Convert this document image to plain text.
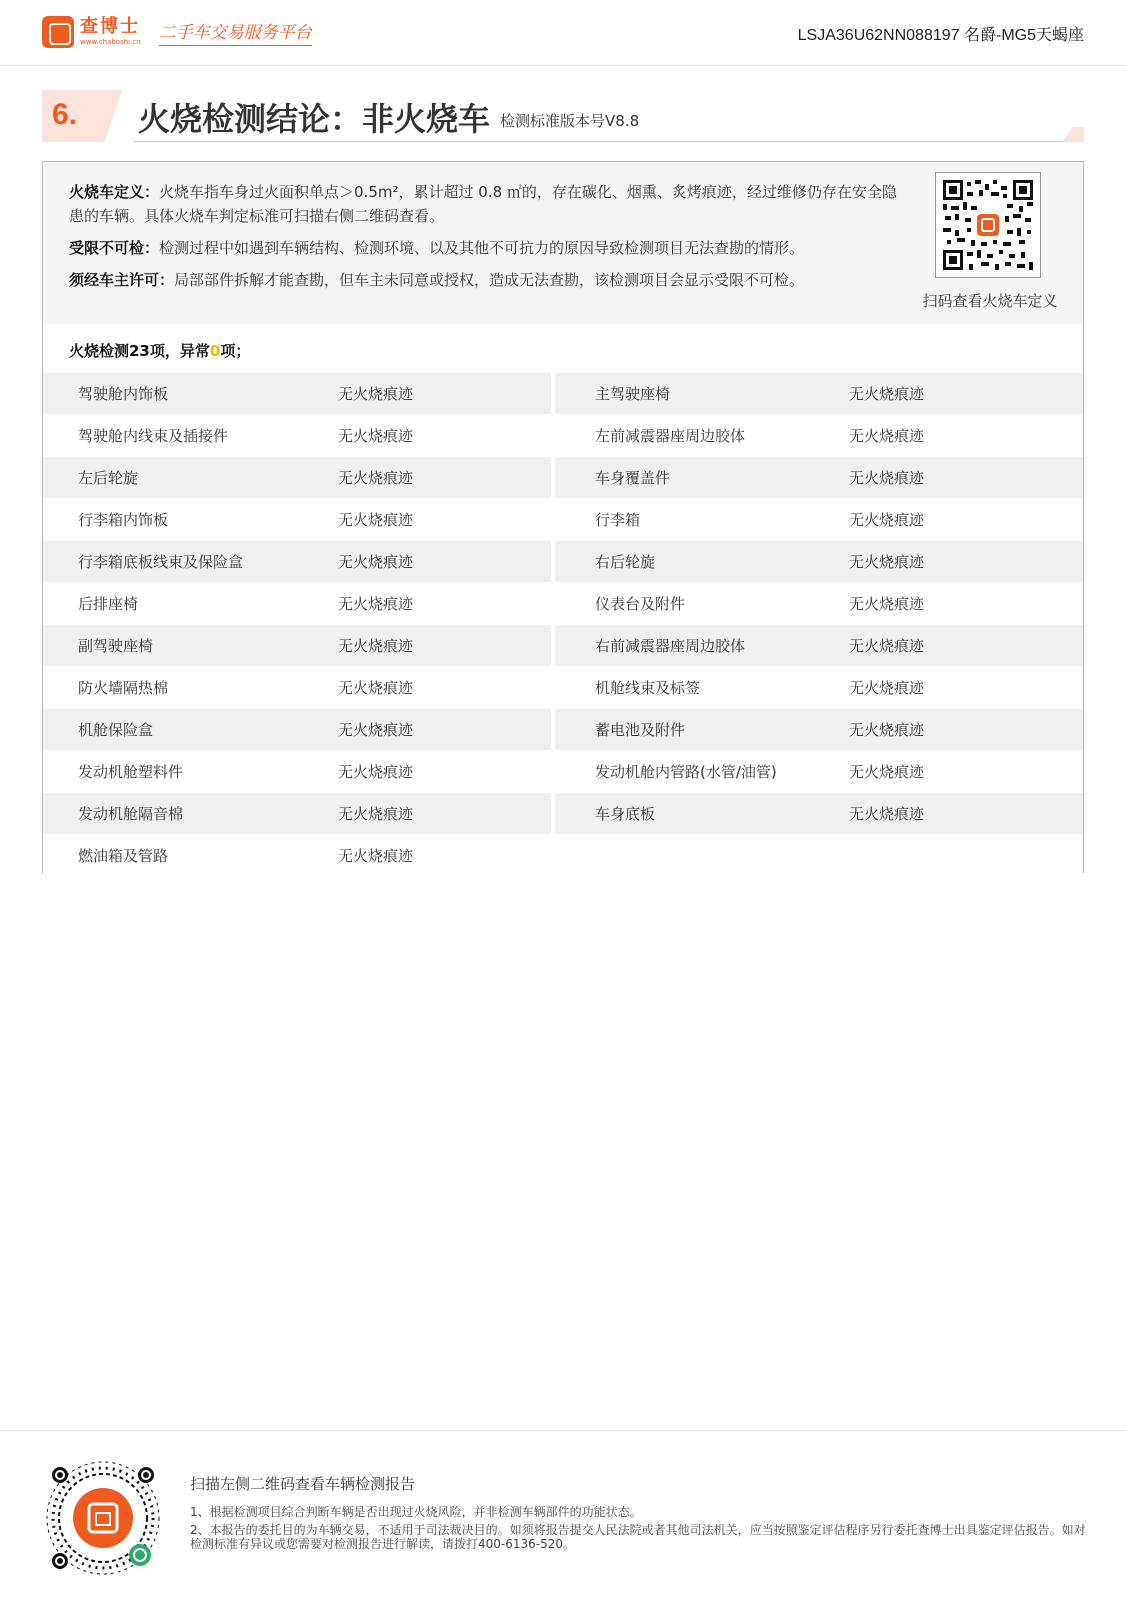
查博士
www.chaboshi.cn 二手车交易服务平台	LSJA36U62NN088197 名爵-MG5天蝎座
6. 火烧检测结论：非火烧车 检测标准版本号V8.8

火烧车定义：火烧车指车身过火面积单点＞0.5m²，累计超过 0.8 ㎡的，存在碳化、烟熏、炙烤痕迹，经过维修仍存在安全隐患的车辆。具体火烧车判定标准可扫描右侧二维码查看。

受限不可检：检测过程中如遇到车辆结构、检测环境、以及其他不可抗力的原因导致检测项目无法查勘的情形。

须经车主许可：局部部件拆解才能查勘，但车主未同意或授权，造成无法查勘，该检测项目会显示受限不可检。

扫码查看火烧车定义
火烧检测23项，异常0项；
驾驶舱内饰板	无火烧痕迹	主驾驶座椅	无火烧痕迹
驾驶舱内线束及插接件	无火烧痕迹	左前减震器座周边胶体	无火烧痕迹
左后轮旋	无火烧痕迹	车身覆盖件	无火烧痕迹
行李箱内饰板	无火烧痕迹	行李箱	无火烧痕迹
行李箱底板线束及保险盒	无火烧痕迹	右后轮旋	无火烧痕迹
后排座椅	无火烧痕迹	仪表台及附件	无火烧痕迹
副驾驶座椅	无火烧痕迹	右前减震器座周边胶体	无火烧痕迹
防火墙隔热棉	无火烧痕迹	机舱线束及标签	无火烧痕迹
机舱保险盒	无火烧痕迹	蓄电池及附件	无火烧痕迹
发动机舱塑料件	无火烧痕迹	发动机舱内管路(水管/油管)	无火烧痕迹
发动机舱隔音棉	无火烧痕迹	车身底板	无火烧痕迹
燃油箱及管路	无火烧痕迹
扫描左侧二维码查看车辆检测报告
1、根据检测项目综合判断车辆是否出现过火烧风险，并非检测车辆部件的功能状态。
2、本报告的委托目的为车辆交易，不适用于司法裁决目的。如须将报告提交人民法院或者其他司法机关，应当按照鉴定评估程序另行委托查博士出具鉴定评估报告。如对检测标准有异议或您需要对检测报告进行解读，请拨打400-6136-520。
